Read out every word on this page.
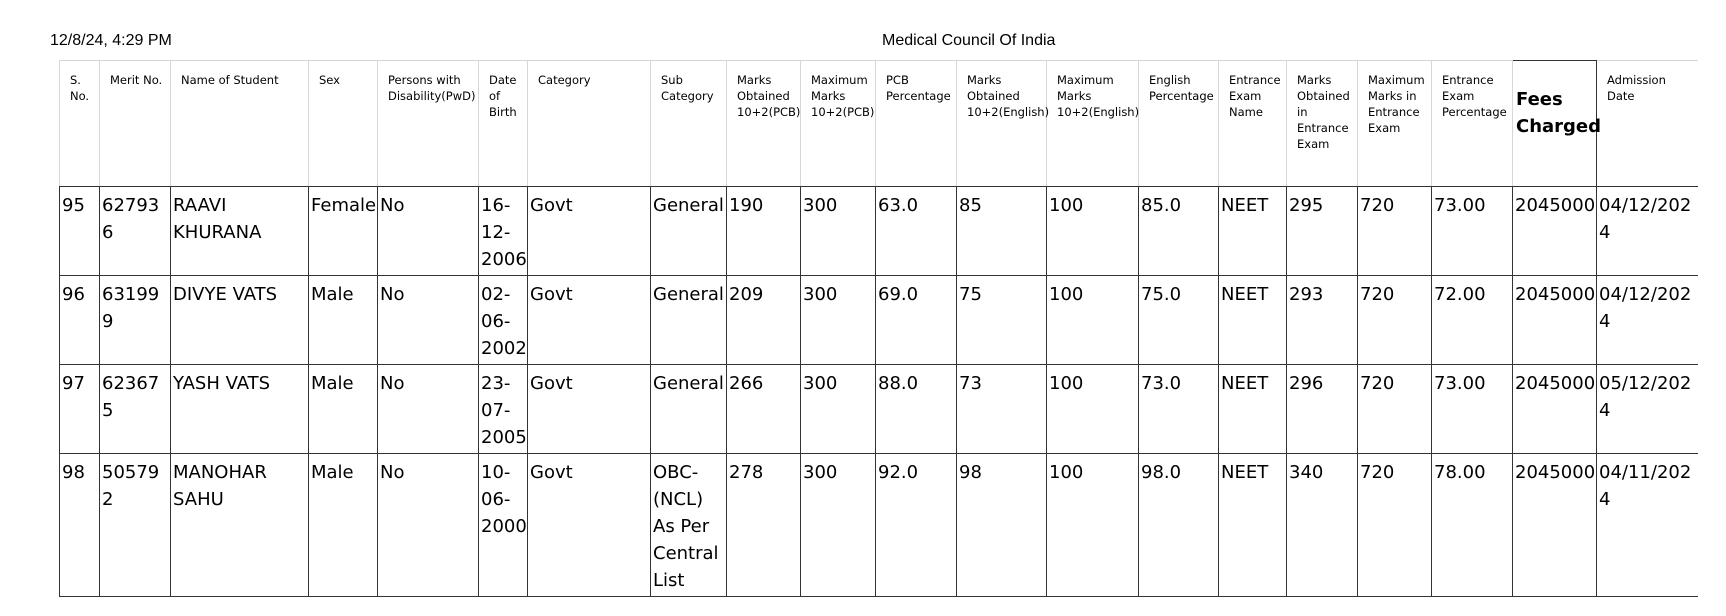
12/8/24, 4:29 PM	Medical Council Of India
S. No.	Merit No.	Name of Student	Sex	Persons with Disability(PwD)	Date of Birth	Category	Sub Category	Marks Obtained 10+2(PCB)	Maximum Marks 10+2(PCB)	PCB Percentage	Marks Obtained 10+2(English)	Maximum Marks 10+2(English)	English Percentage	Entrance Exam Name	Marks Obtained in Entrance Exam	Maximum Marks in Entrance Exam	Entrance Exam Percentage	Fees Charged	Admission Date
95	627936	RAAVI KHURANA	Female	No	16-12-2006	Govt	General	190	300	63.0	85	100	85.0	NEET	295	720	73.00	2045000	04/12/2024
96	631999	DIVYE VATS	Male	No	02-06-2002	Govt	General	209	300	69.0	75	100	75.0	NEET	293	720	72.00	2045000	04/12/2024
97	623675	YASH VATS	Male	No	23-07-2005	Govt	General	266	300	88.0	73	100	73.0	NEET	296	720	73.00	2045000	05/12/2024
98	505792	MANOHAR SAHU	Male	No	10-06-2000	Govt	OBC-(NCL) As Per Central List	278	300	92.0	98	100	98.0	NEET	340	720	78.00	2045000	04/11/2024
